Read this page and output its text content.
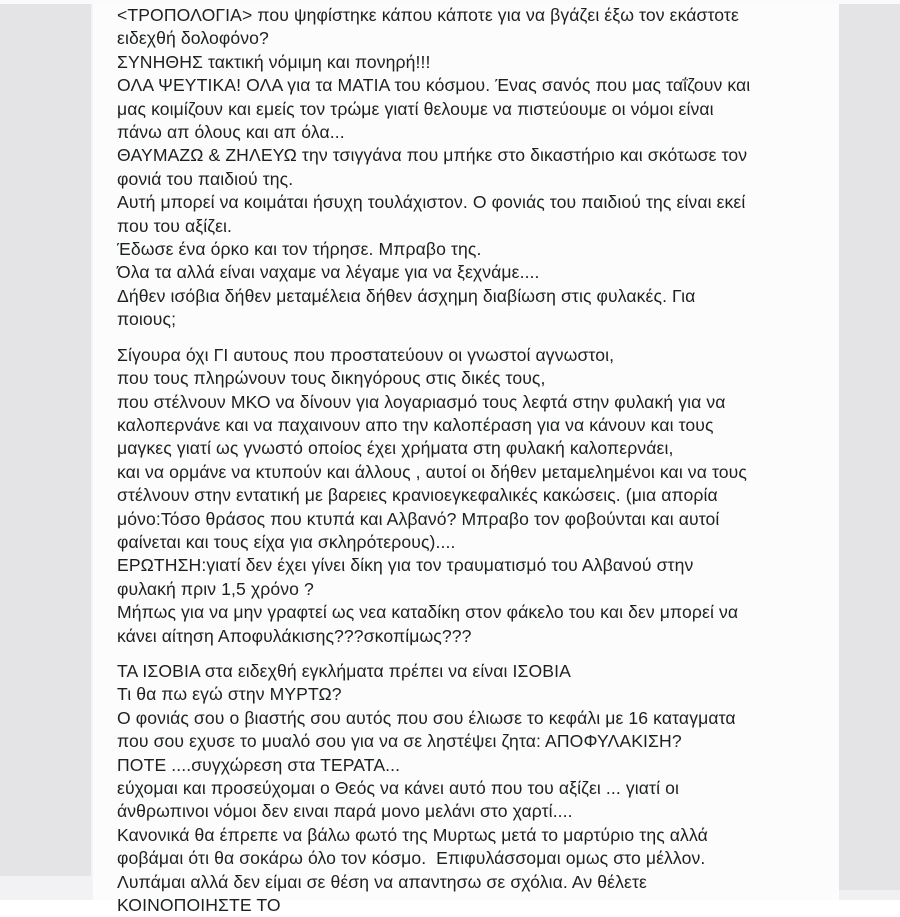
<ΤΡΟΠΟΛΟΓΙΑ> που ψηφίστηκε κάπου κάποτε για να βγάζει έξω τον εκάστοτε
ειδεχθή δολοφόνο?
ΣΥΝΗΘΗΣ τακτική νόμιμη και πονηρή!!!
ΟΛΑ ΨΕΥΤΙΚΑ! ΟΛΑ για τα ΜΑΤΙΑ του κόσμου. Ένας σανός που μας ταΐζουν και
μας κοιμίζουν και εμείς τον τρώμε γιατί θελουμε να πιστεύουμε οι νόμοι είναι
πάνω απ όλους και απ όλα...
ΘΑΥΜΑΖΩ & ΖΗΛΕΥΩ την τσιγγάνα που μπήκε στο δικαστήριο και σκότωσε τον
φονιά του παιδιού της.
Αυτή μπορεί να κοιμάται ήσυχη τουλάχιστον. Ο φονιάς του παιδιού της είναι εκεί
που του αξίζει.
Έδωσε ένα όρκο και τον τήρησε. Μπραβο της.
Όλα τα αλλά είναι ναχαμε να λέγαμε για να ξεχνάμε....
Δήθεν ισόβια δήθεν μεταμέλεια δήθεν άσχημη διαβίωση στις φυλακές. Για
ποιους;

Σίγουρα όχι ΓΙ αυτους που προστατεύουν οι γνωστοί αγνωστοι,
που τους πληρώνουν τους δικηγόρους στις δικές τους,
που στέλνουν ΜΚΟ να δίνουν για λογαριασμό τους λεφτά στην φυλακή για να
καλοπερνάνε και να παχαινουν απο την καλοπέραση για να κάνουν και τους
μαγκες γιατί ως γνωστό οποίος έχει χρήματα στη φυλακή καλοπερνάει,
και να ορμάνε να κτυπούν και άλλους , αυτοί οι δήθεν μεταμελημένοι και να τους
στέλνουν στην εντατική με βαρειες κρανιοεγκεφαλικές κακώσεις. (μια απορία
μόνο:Τόσο θράσος που κτυπά και Αλβανό? Μπραβο τον φοβούνται και αυτοί
φαίνεται και τους είχα για σκληρότερους)....
ΕΡΩΤΗΣΗ:γιατί δεν έχει γίνει δίκη για τον τραυματισμό του Αλβανού στην
φυλακή πριν 1,5 χρόνο ?
Μήπως για να μην γραφτεί ως νεα καταδίκη στον φάκελο του και δεν μπορεί να
κάνει αίτηση Αποφυλάκισης???σκοπίμως???

ΤΑ ΙΣΟΒΙΑ στα ειδεχθή εγκλήματα πρέπει να είναι ΙΣΟΒΙΑ
Τι θα πω εγώ στην ΜΥΡΤΩ?
Ο φονιάς σου ο βιαστής σου αυτός που σου έλιωσε το κεφάλι με 16 καταγματα
που σου εχυσε το μυαλό σου για να σε ληστέψει ζητα: ΑΠΟΦΥΛΑΚΙΣΗ?
ΠΟΤΕ ....συγχώρεση στα ΤΕΡΑΤΑ...
εύχομαι και προσεύχομαι ο Θεός να κάνει αυτό που του αξίζει ... γιατί οι
άνθρωπινοι νόμοι δεν ειναι παρά μονο μελάνι στο χαρτί....
Κανονικά θα έπρεπε να βάλω φωτό της Μυρτως μετά το μαρτύριο της αλλά
φοβάμαι ότι θα σοκάρω όλο τον κόσμο.  Επιφυλάσσομαι ομως στο μέλλον.
Λυπάμαι αλλά δεν είμαι σε θέση να απαντησω σε σχόλια. Αν θέλετε
ΚΟΙΝΟΠΟΙΗΣΤΕ ΤΟ
